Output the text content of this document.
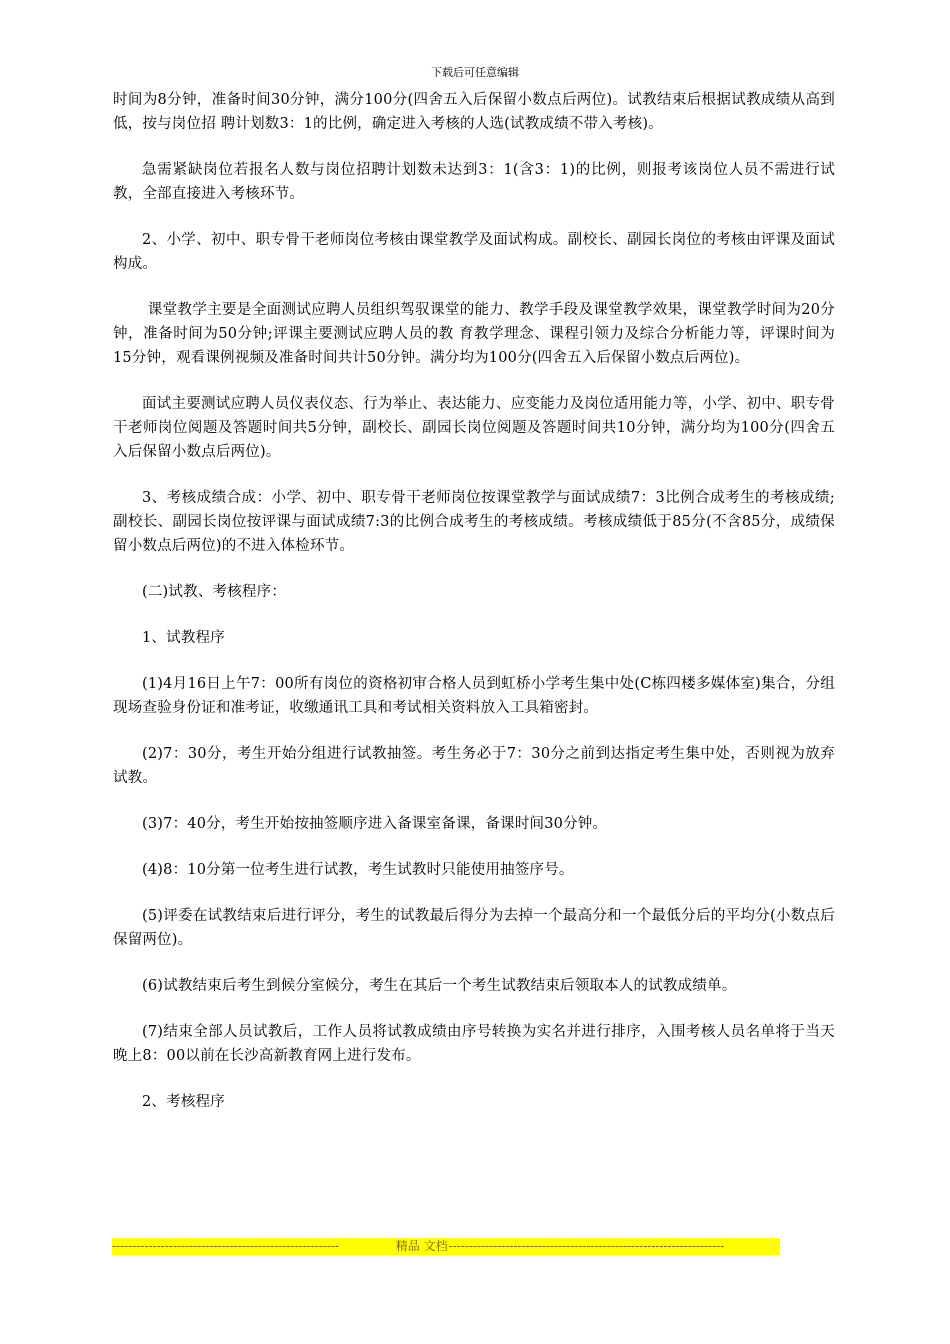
下载后可任意编辑

时间为8分钟，准备时间30分钟，满分100分(四舍五入后保留小数点后两位)。试教结束后根据试教成绩从高到低，按与岗位招 聘计划数3：1的比例，确定进入考核的人选(试教成绩不带入考核)。

急需紧缺岗位若报名人数与岗位招聘计划数未达到3：1(含3：1)的比例，则报考该岗位人员不需进行试教，全部直接进入考核环节。

2、小学、初中、职专骨干老师岗位考核由课堂教学及面试构成。副校长、副园长岗位的考核由评课及面试构成。

课堂教学主要是全面测试应聘人员组织驾驭课堂的能力、教学手段及课堂教学效果，课堂教学时间为20分钟，准备时间为50分钟;评课主要测试应聘人员的教 育教学理念、课程引领力及综合分析能力等，评课时间为15分钟，观看课例视频及准备时间共计50分钟。满分均为100分(四舍五入后保留小数点后两位)。

面试主要测试应聘人员仪表仪态、行为举止、表达能力、应变能力及岗位适用能力等，小学、初中、职专骨干老师岗位阅题及答题时间共5分钟，副校长、副园长岗位阅题及答题时间共10分钟，满分均为100分(四舍五入后保留小数点后两位)。

3、考核成绩合成：小学、初中、职专骨干老师岗位按课堂教学与面试成绩7：3比例合成考生的考核成绩;副校长、副园长岗位按评课与面试成绩7:3的比例合成考生的考核成绩。考核成绩低于85分(不含85分，成绩保留小数点后两位)的不进入体检环节。

(二)试教、考核程序：

1、试教程序

(1)4月16日上午7：00所有岗位的资格初审合格人员到虹桥小学考生集中处(C栋四楼多媒体室)集合，分组现场查验身份证和准考证，收缴通讯工具和考试相关资料放入工具箱密封。

(2)7：30分，考生开始分组进行试教抽签。考生务必于7：30分之前到达指定考生集中处，否则视为放弃试教。

(3)7：40分，考生开始按抽签顺序进入备课室备课，备课时间30分钟。

(4)8：10分第一位考生进行试教，考生试教时只能使用抽签序号。

(5)评委在试教结束后进行评分，考生的试教最后得分为去掉一个最高分和一个最低分后的平均分(小数点后保留两位)。

(6)试教结束后考生到候分室候分，考生在其后一个考生试教结束后领取本人的试教成绩单。

(7)结束全部人员试教后，工作人员将试教成绩由序号转换为实名并进行排序，入围考核人员名单将于当天晚上8：00以前在长沙高新教育网上进行发布。

2、考核程序

--------------------------------------------------------	精品 文档 --------------------------------------------------------------------
